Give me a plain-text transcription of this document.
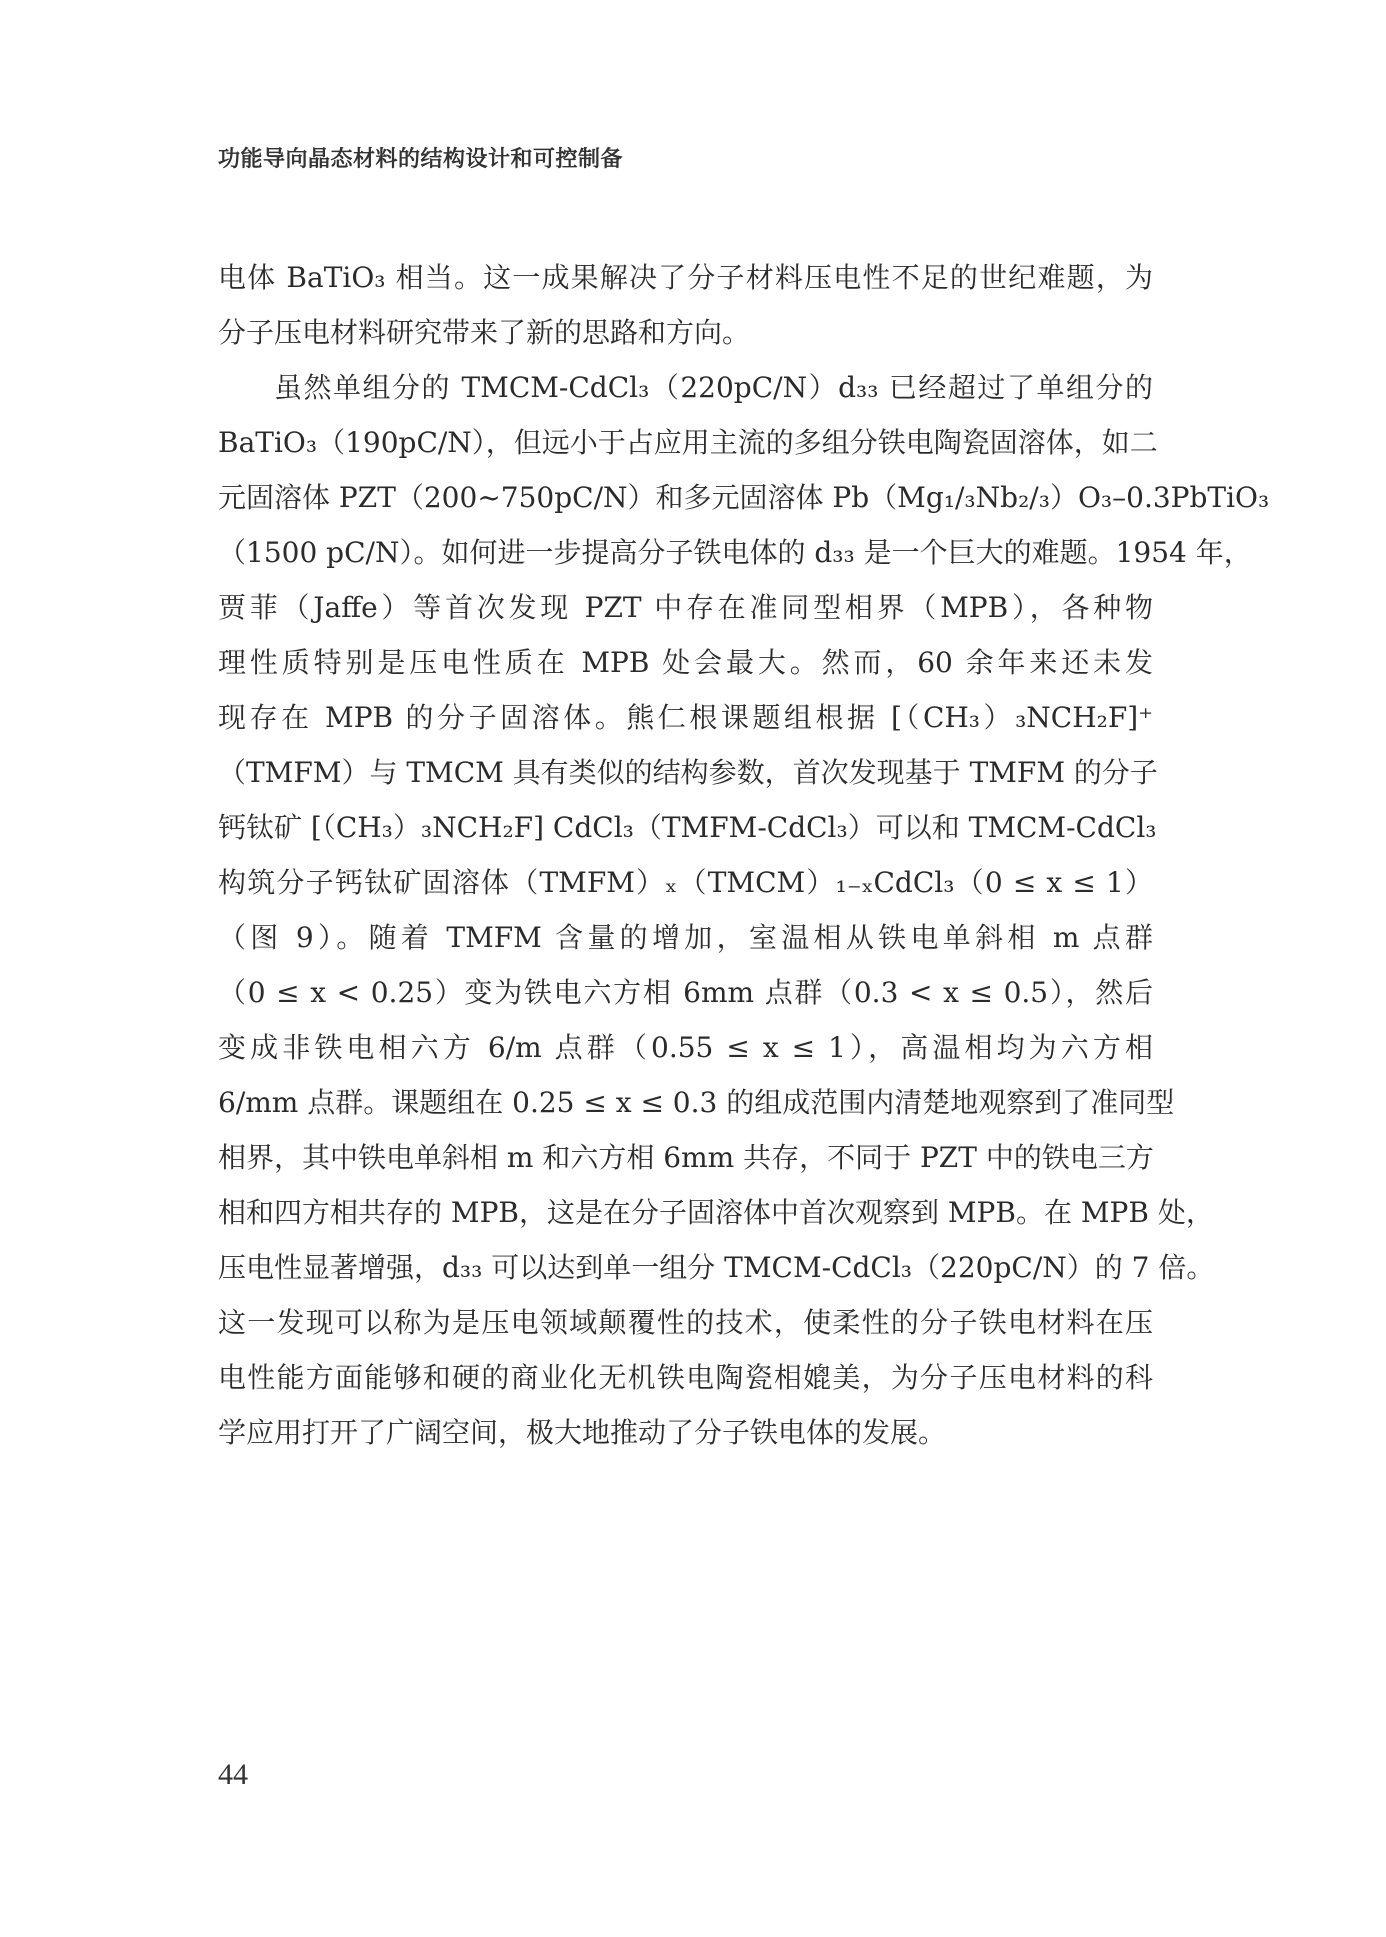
功能导向晶态材料的结构设计和可控制备
电体 BaTiO₃ 相当。这一成果解决了分子材料压电性不足的世纪难题，为
分子压电材料研究带来了新的思路和方向。
虽然单组分的 TMCM-CdCl₃（220pC/N）d₃₃ 已经超过了单组分的
BaTiO₃（190pC/N），但远小于占应用主流的多组分铁电陶瓷固溶体，如二
元固溶体 PZT（200~750pC/N）和多元固溶体 Pb（Mg₁/₃Nb₂/₃）O₃–0.3PbTiO₃
（1500 pC/N）。如何进一步提高分子铁电体的 d₃₃ 是一个巨大的难题。1954 年，
贾菲（Jaffe）等首次发现 PZT 中存在准同型相界（MPB），各种物
理性质特别是压电性质在 MPB 处会最大。然而，60 余年来还未发
现存在 MPB 的分子固溶体。熊仁根课题组根据 [（CH₃）₃NCH₂F]⁺
（TMFM）与 TMCM 具有类似的结构参数，首次发现基于 TMFM 的分子
钙钛矿 [（CH₃）₃NCH₂F] CdCl₃（TMFM-CdCl₃）可以和 TMCM-CdCl₃
构筑分子钙钛矿固溶体（TMFM）ₓ（TMCM）₁₋ₓCdCl₃（0 ≤ x ≤ 1）
（图 9）。随着 TMFM 含量的增加，室温相从铁电单斜相 m 点群
（0 ≤ x < 0.25）变为铁电六方相 6mm 点群（0.3 < x ≤ 0.5），然后
变成非铁电相六方 6/m 点群（0.55 ≤ x ≤ 1），高温相均为六方相
6/mm 点群。课题组在 0.25 ≤ x ≤ 0.3 的组成范围内清楚地观察到了准同型
相界，其中铁电单斜相 m 和六方相 6mm 共存，不同于 PZT 中的铁电三方
相和四方相共存的 MPB，这是在分子固溶体中首次观察到 MPB。在 MPB 处，
压电性显著增强，d₃₃ 可以达到单一组分 TMCM-CdCl₃（220pC/N）的 7 倍。
这一发现可以称为是压电领域颠覆性的技术，使柔性的分子铁电材料在压
电性能方面能够和硬的商业化无机铁电陶瓷相媲美，为分子压电材料的科
学应用打开了广阔空间，极大地推动了分子铁电体的发展。
44
